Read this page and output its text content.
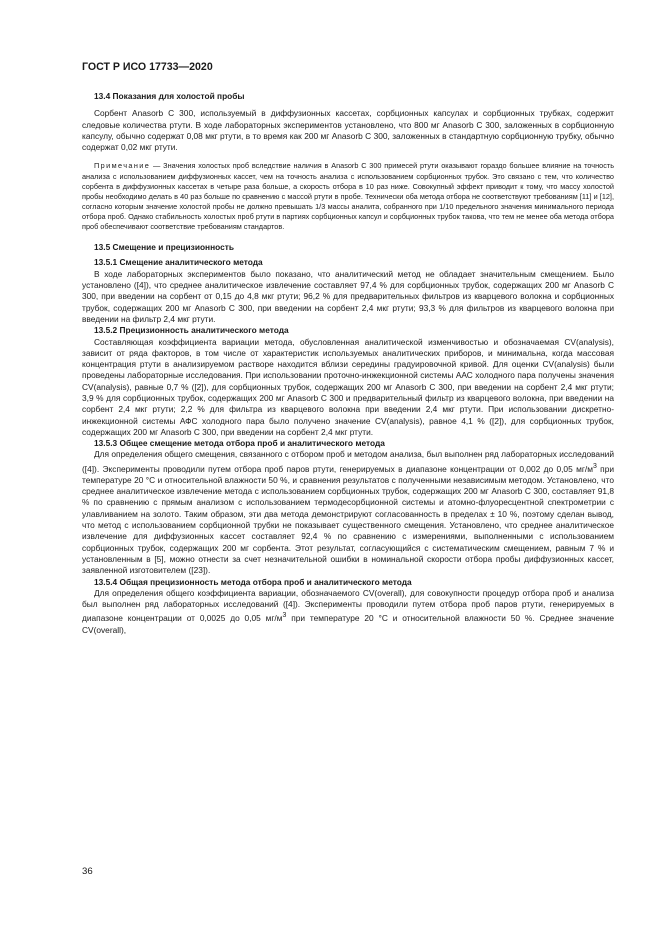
ГОСТ Р ИСО 17733—2020
13.4 Показания для холостой пробы

Сорбент Anasorb C 300, используемый в диффузионных кассетах, сорбционных капсулах и сорбционных трубках, содержит следовые количества ртути. В ходе лабораторных экспериментов установлено, что 800 мг Anasorb C 300, заложенных в сорбционную капсулу, обычно содержат 0,08 мкг ртути, в то время как 200 мг Anasorb C 300, заложенных в стандартную сорбционную трубку, обычно содержат 0,02 мкг ртути.

Примечание — Значения холостых проб вследствие наличия в Anasorb C 300 примесей ртути оказывают гораздо большее влияние на точность анализа с использованием диффузионных кассет, чем на точность анализа с использованием сорбционных трубок. Это связано с тем, что количество сорбента в диффузионных кассетах в четыре раза больше, а скорость отбора в 10 раз ниже. Совокупный эффект приводит к тому, что массу холостой пробы необходимо делать в 40 раз больше по сравнению с массой ртути в пробе. Технически оба метода отбора не соответствуют требованиям [11] и [12], согласно которым значение холостой пробы не должно превышать 1/3 массы аналита, собранного при 1/10 предельного значения минимального периода отбора проб. Однако стабильность холостых проб ртути в партиях сорбционных капсул и сорбционных трубок такова, что тем не менее оба метода отбора проб обеспечивают соответствие требованиям стандартов.

13.5 Смещение и прецизионность
13.5.1 Смещение аналитического метода

В ходе лабораторных экспериментов было показано, что аналитический метод не обладает значительным смещением. Было установлено ([4]), что среднее аналитическое извлечение составляет 97,4 % для сорбционных трубок, содержащих 200 мг Anasorb C 300, при введении на сорбент от 0,15 до 4,8 мкг ртути; 96,2 % для предварительных фильтров из кварцевого волокна и сорбционных трубок, содержащих 200 мг Anasorb C 300, при введении на сорбент 2,4 мкг ртути; 93,3 % для фильтров из кварцевого волокна при введении на фильтр 2,4 мкг ртути.

13.5.2 Прецизионность аналитического метода

Составляющая коэффициента вариации метода, обусловленная аналитической изменчивостью и обозначаемая CV(analysis), зависит от ряда факторов, в том числе от характеристик используемых аналитических приборов, и минимальна, когда массовая концентрация ртути в анализируемом растворе находится вблизи середины градуировочной кривой. Для оценки CV(analysis) были проведены лабораторные исследования. При использовании проточно-инжекционной системы ААС холодного пара получены значения CV(analysis), равные 0,7 % ([2]), для сорбционных трубок, содержащих 200 мг Anasorb C 300, при введении на сорбент 2,4 мкг ртути; 3,9 % для сорбционных трубок, содержащих 200 мг Anasorb C 300 и предварительный фильтр из кварцевого волокна, при введении на сорбент 2,4 мкг ртути; 2,2 % для фильтра из кварцевого волокна при введении 2,4 мкг ртути. При использовании дискретно-инжекционной системы АФС холодного пара было получено значение CV(analysis), равное 4,1 % ([2]), для сорбционных трубок, содержащих 200 мг Anasorb C 300, при введении на сорбент 2,4 мкг ртути.

13.5.3 Общее смещение метода отбора проб и аналитического метода

Для определения общего смещения, связанного с отбором проб и методом анализа, был выполнен ряд лабораторных исследований ([4]). Эксперименты проводили путем отбора проб паров ртути, генерируемых в диапазоне концентрации от 0,002 до 0,05 $мг/м^3$ при температуре 20 °С и относительной влажности 50 %, и сравнения результатов с полученными независимым методом. Установлено, что среднее аналитическое извлечение метода с использованием сорбционных трубок, содержащих 200 мг Anasorb C 300, составляет 91,8 % по сравнению с прямым анализом с использованием термодесорбционной системы и атомно-флуоресцентной спектрометрии с улавливанием на золото. Таким образом, эти два метода демонстрируют согласованность в пределах ± 10 %, поэтому сделан вывод, что метод с использованием сорбционной трубки не показывает существенного смещения. Установлено, что среднее аналитическое извлечение для диффузионных кассет составляет 92,4 % по сравнению с измерениями, выполненными с использованием сорбционных трубок, содержащих 200 мг сорбента. Этот результат, согласующийся с систематическим смещением, равным 7 % и установленным в [5], можно отнести за счет незначительной ошибки в номинальной скорости отбора пробы диффузионных кассет, заявленной изготовителем ([23]).

13.5.4 Общая прецизионность метода отбора проб и аналитического метода

Для определения общего коэффициента вариации, обозначаемого CV(overall), для совокупности процедур отбора проб и анализа был выполнен ряд лабораторных исследований ([4]). Эксперименты проводили путем отбора проб паров ртути, генерируемых в диапазоне концентрации от 0,0025 до 0,05 $мг/м^3$ при температуре 20 °С и относительной влажности 50 %. Среднее значение CV(overall),

36
